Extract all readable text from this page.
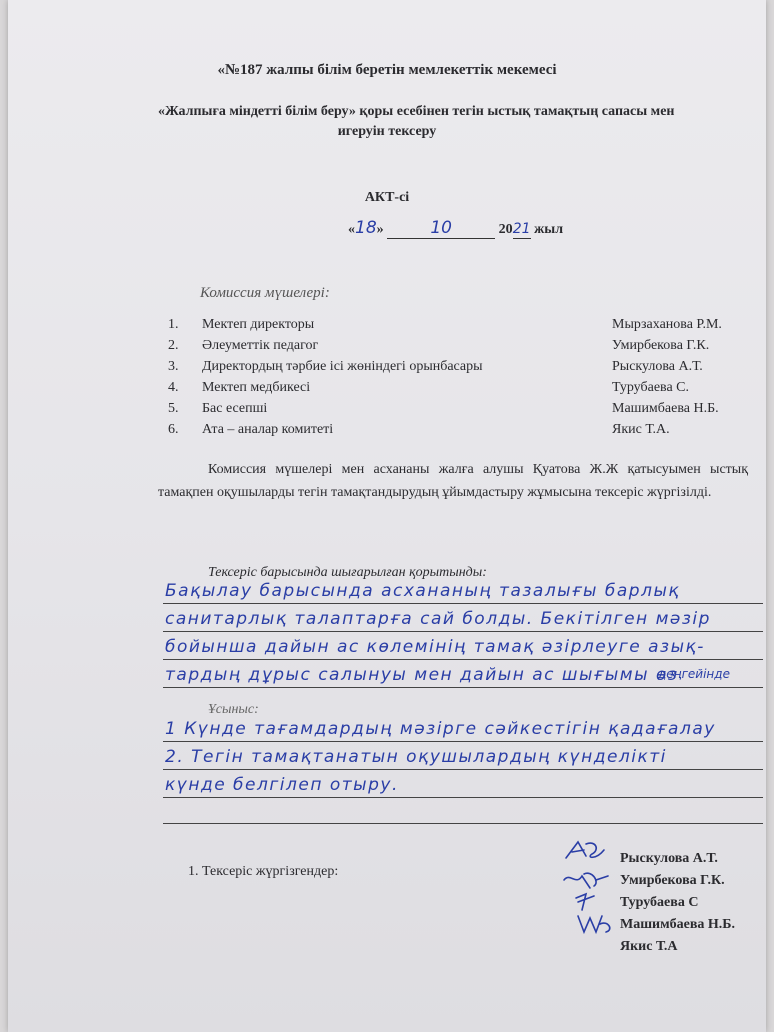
«№187 жалпы білім беретін мемлекеттік мекемесі
«Жалпыға міндетті білім беру» қоры есебінен тегін ыстық тамақтың сапасы мен
игеруін тексеру
АКТ-сі
«18»	10	2021 жыл
Комиссия мүшелері:
1. Мектеп директоры	Мырзаханова Р.М.
2. Әлеуметтік педагог	Умирбекова Г.К.
3. Директордың тәрбие ісі жөніндегі орынбасары	Рыскулова А.Т.
4. Мектеп медбикесі	Турубаева С.
5. Бас есепші	Машимбаева Н.Б.
6. Ата – аналар комитеті	Якис Т.А.
Комиссия мүшелері мен асхананы жалға алушы Қуатова Ж.Ж қатысуымен ыстық тамақпен оқушыларды тегін тамақтандырудың ұйымдастыру жұмысына тексеріс жүргізілді.
Тексеріс барысында шығарылған қорытынды:
Бақылау барысында асхананың тазалығы барлық
санитарлық талаптарға сай болды. Бекітілген мәзір
бойынша дайын ас көлемінің тамақ әзірлеуге азық-
тардың дұрыс салынуы мен дайын ас шығымы өз
деңгейінде
Ұсыныс:
1 Күнде тағамдардың мәзірге сәйкестігін қадағалау
2. Тегін тамақтанатын оқушылардың күнделікті
күнде белгілеп отыру.
1. Тексеріс жүргізгендер:
Рыскулова А.Т.
Умирбекова Г.К.
Турубаева С
Машимбаева Н.Б.
Якис Т.А
